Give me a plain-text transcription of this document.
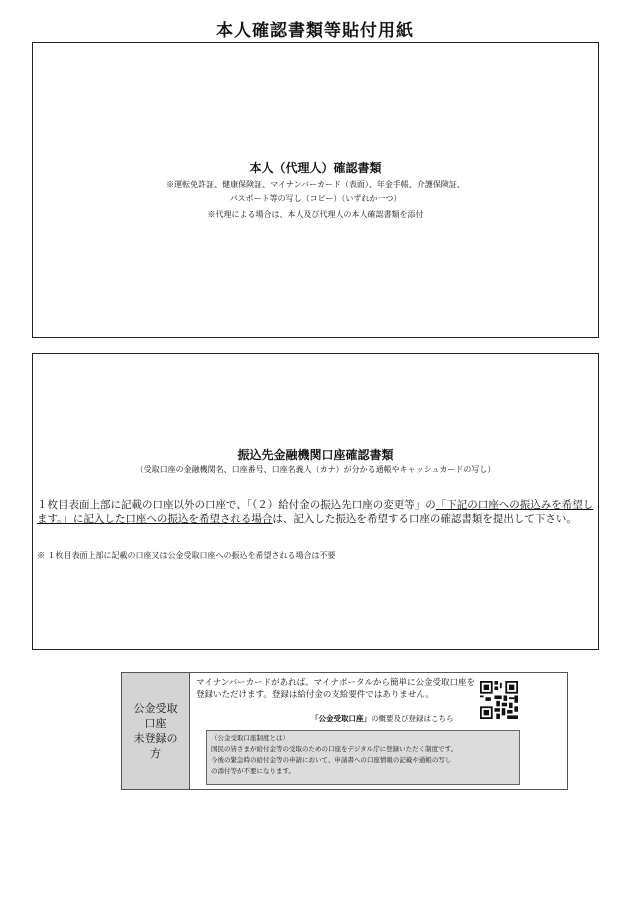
本人確認書類等貼付用紙
本人（代理人）確認書類
※運転免許証、健康保険証、マイナンバーカード（表面）、年金手帳、介護保険証、
パスポート等の写し（コピー）（いずれか一つ）
※代理による場合は、本人及び代理人の本人確認書類を添付
振込先金融機関口座確認書類
（受取口座の金融機関名、口座番号、口座名義人（カナ）が分かる通帳やキャッシュカードの写し）
１枚目表面上部に記載の口座以外の口座で、「（２）給付金の振込先口座の変更等」の「下記の口座への振込みを希望します。」に記入した口座への振込を希望される場合は、記入した振込を希望する口座の確認書類を提出して下さい。
※ １枚目表面上部に記載の口座又は公金受取口座への振込を希望される場合は不要
公金受取
口座
未登録の
方
マイナンバーカードがあれば、マイナポータルから簡単に公金受取口座を登録いただけます。登録は給付金の支給要件ではありません。
「公金受取口座」の概要及び登録はこちら
（公金受取口座制度とは）
国民の皆さまが給付金等の受取のための口座をデジタル庁に登録いただく制度です。
今後の緊急時の給付金等の申請において、申請書への口座情報の記載や通帳の写し
の添付等が不要になります。
